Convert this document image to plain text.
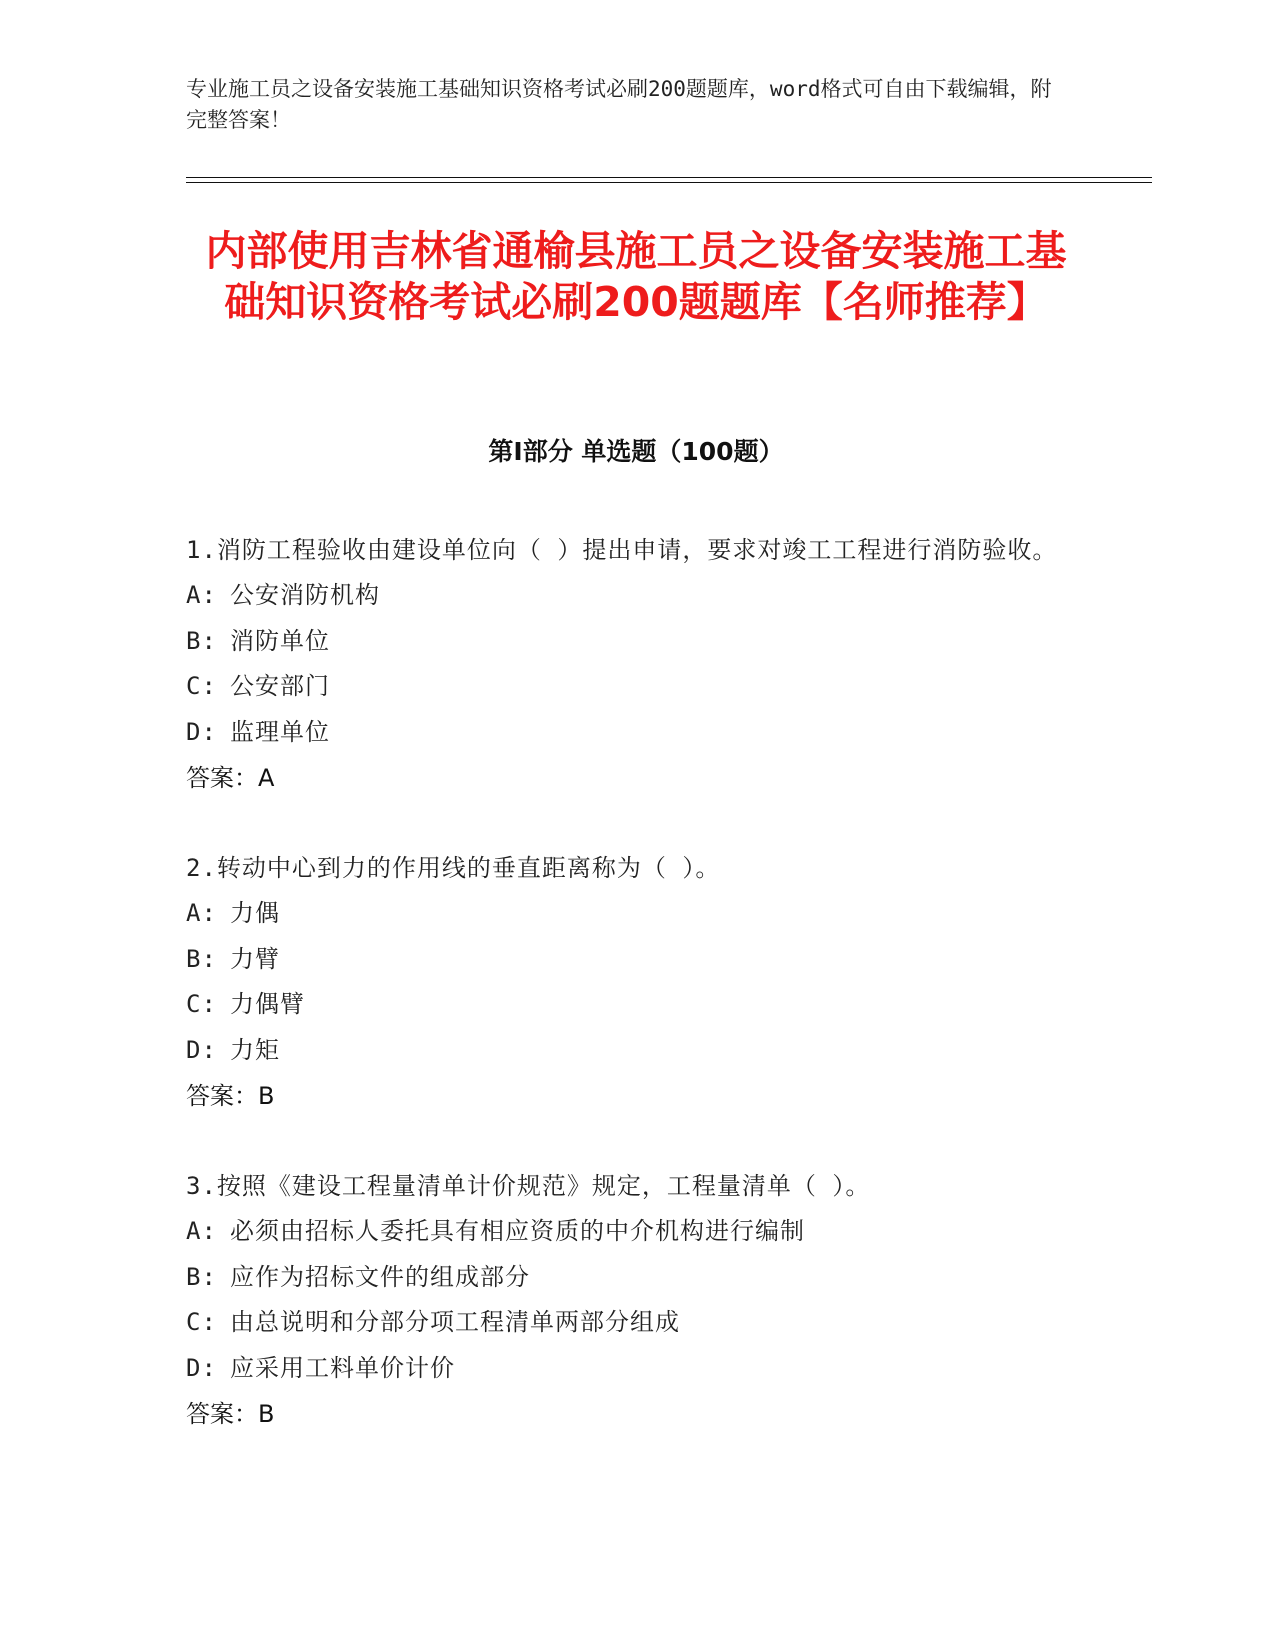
专业施工员之设备安装施工基础知识资格考试必刷200题题库，word格式可自由下载编辑，附完整答案！

内部使用吉林省通榆县施工员之设备安装施工基础知识资格考试必刷200题题库【名师推荐】
第I部分 单选题（100题）

1.消防工程验收由建设单位向（ ）提出申请，要求对竣工工程进行消防验收。

A: 公安消防机构

B: 消防单位

C: 公安部门

D: 监理单位

答案：A

2.转动中心到力的作用线的垂直距离称为（ ）。

A: 力偶

B: 力臂

C: 力偶臂

D: 力矩

答案：B

3.按照《建设工程量清单计价规范》规定，工程量清单（ ）。

A: 必须由招标人委托具有相应资质的中介机构进行编制

B: 应作为招标文件的组成部分

C: 由总说明和分部分项工程清单两部分组成

D: 应采用工料单价计价

答案：B
